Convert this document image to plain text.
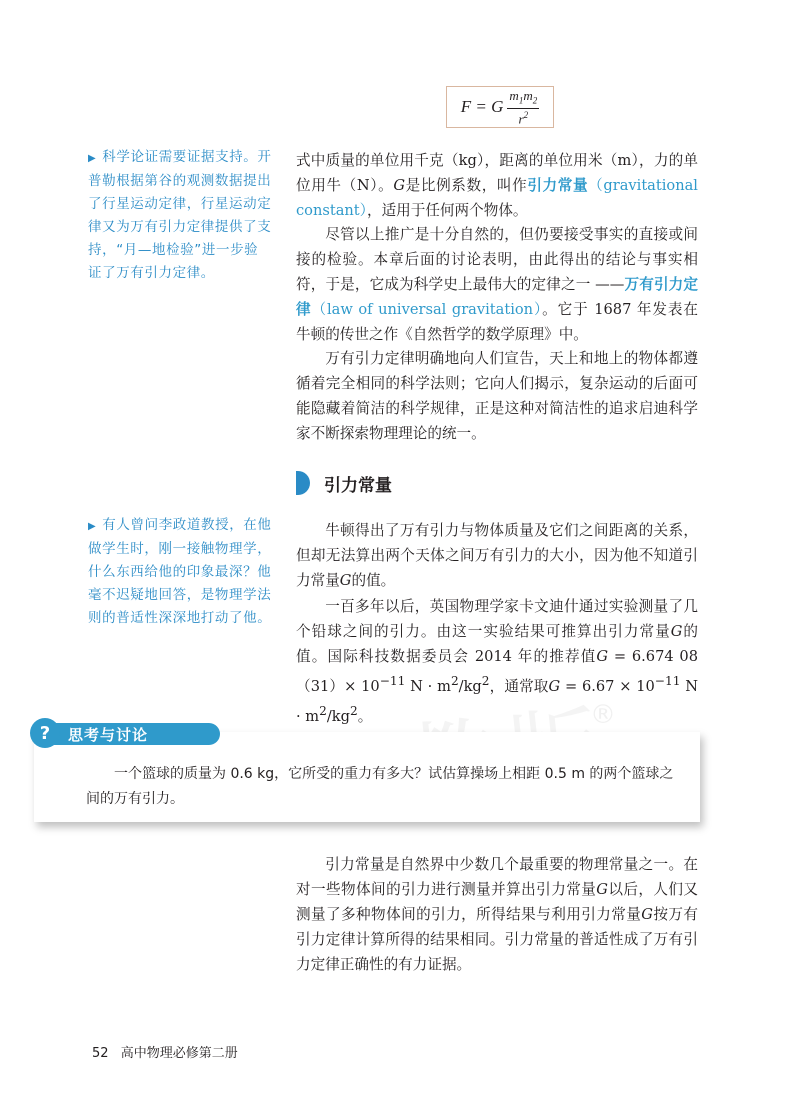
F = G $\frac{m_1m_2}{r^2}$
▶ 科学论证需要证据支持。开普勒根据第谷的观测数据提出了行星运动定律，行星运动定律又为万有引力定律提供了支持，“月—地检验”进一步验证了万有引力定律。

式中质量的单位用千克（kg），距离的单位用米（m），力的单位用牛（N）。G是比例系数，叫作引力常量（gravitational constant），适用于任何两个物体。

尽管以上推广是十分自然的，但仍要接受事实的直接或间接的检验。本章后面的讨论表明，由此得出的结论与事实相符，于是，它成为科学史上最伟大的定律之一 ——万有引力定律（law of universal gravitation）。它于 1687 年发表在牛顿的传世之作《自然哲学的数学原理》中。

万有引力定律明确地向人们宣告，天上和地上的物体都遵循着完全相同的科学法则；它向人们揭示，复杂运动的后面可能隐藏着简洁的科学规律，正是这种对简洁性的追求启迪科学家不断探索物理理论的统一。

引力常量
▶ 有人曾问李政道教授，在他做学生时，刚一接触物理学，什么东西给他的印象最深？他毫不迟疑地回答，是物理学法则的普适性深深地打动了他。

牛顿得出了万有引力与物体质量及它们之间距离的关系，但却无法算出两个天体之间万有引力的大小，因为他不知道引力常量G的值。

一百多年以后，英国物理学家卡文迪什通过实验测量了几个铅球之间的引力。由这一实验结果可推算出引力常量G的值。国际科技数据委员会 2014 年的推荐值G = 6.674 $08(31)\times 10^{-11}$ $N \cdot m^2/kg^2$，通常取$G = 6.67 \times 10^{-11}$ $N \cdot m^2/kg^2$。	®
?	思考与讨论
一个篮球的质量为 0.6 kg，它所受的重力有多大？试估算操场上相距 0.5 m 的两个篮球之间的万有引力。

引力常量是自然界中少数几个最重要的物理常量之一。在对一些物体间的引力进行测量并算出引力常量G以后，人们又测量了多种物体间的引力，所得结果与利用引力常量G按万有引力定律计算所得的结果相同。引力常量的普适性成了万有引力定律正确性的有力证据。

52 高中物理必修第二册
